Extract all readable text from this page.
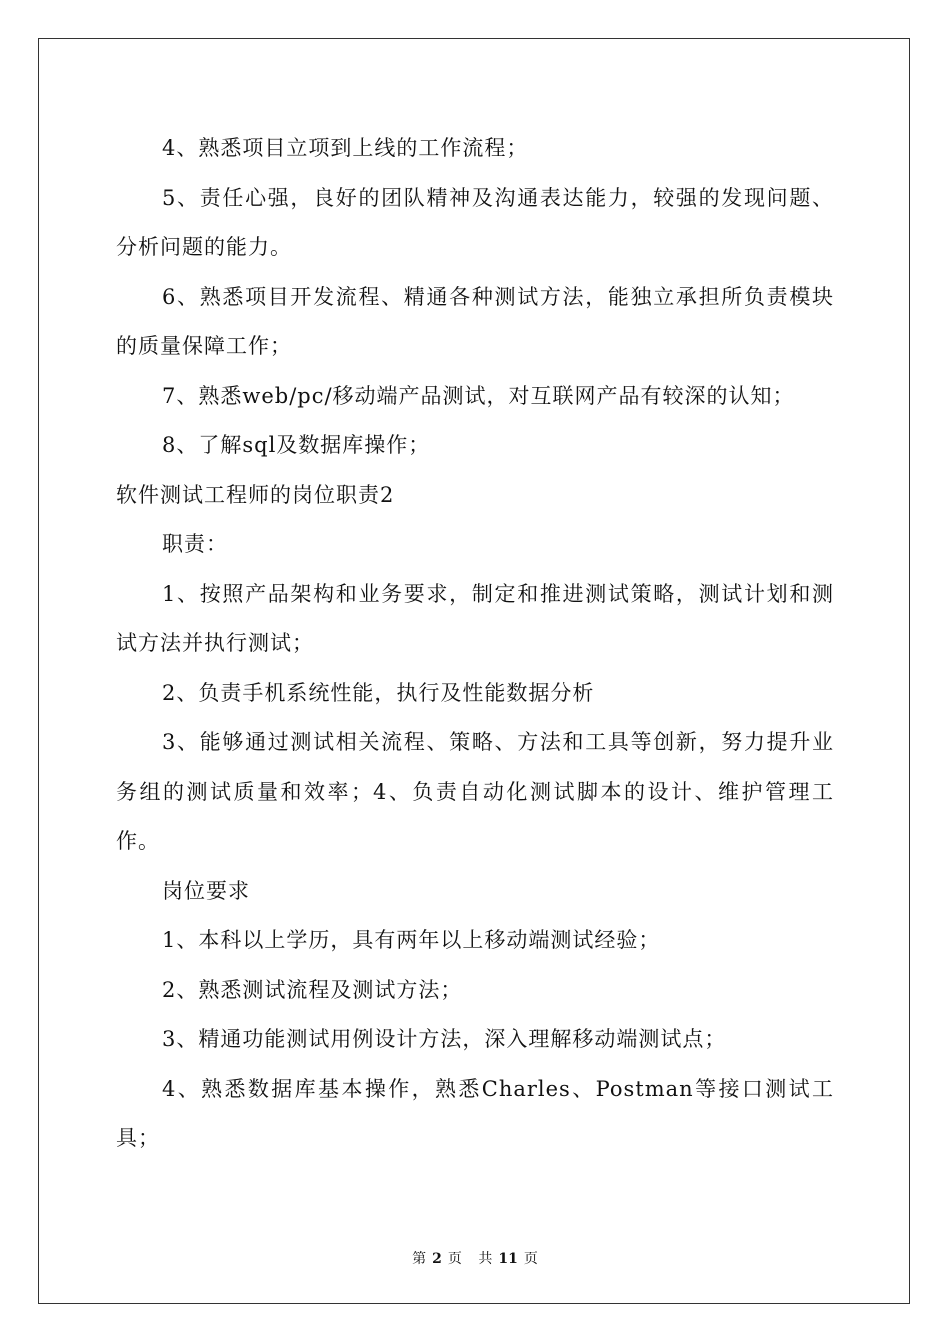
4、熟悉项目立项到上线的工作流程；

5、责任心强，良好的团队精神及沟通表达能力，较强的发现问题、分析问题的能力。

6、熟悉项目开发流程、精通各种测试方法，能独立承担所负责模块的质量保障工作；

7、熟悉web/pc/移动端产品测试，对互联网产品有较深的认知；

8、了解sql及数据库操作；

软件测试工程师的岗位职责2

职责：

1、按照产品架构和业务要求，制定和推进测试策略，测试计划和测试方法并执行测试；

2、负责手机系统性能，执行及性能数据分析

3、能够通过测试相关流程、策略、方法和工具等创新，努力提升业务组的测试质量和效率；4、负责自动化测试脚本的设计、维护管理工作。

岗位要求

1、本科以上学历，具有两年以上移动端测试经验；

2、熟悉测试流程及测试方法；

3、精通功能测试用例设计方法，深入理解移动端测试点；

4、熟悉数据库基本操作，熟悉Charles、Postman等接口测试工具；

第 2 页 共 11 页
